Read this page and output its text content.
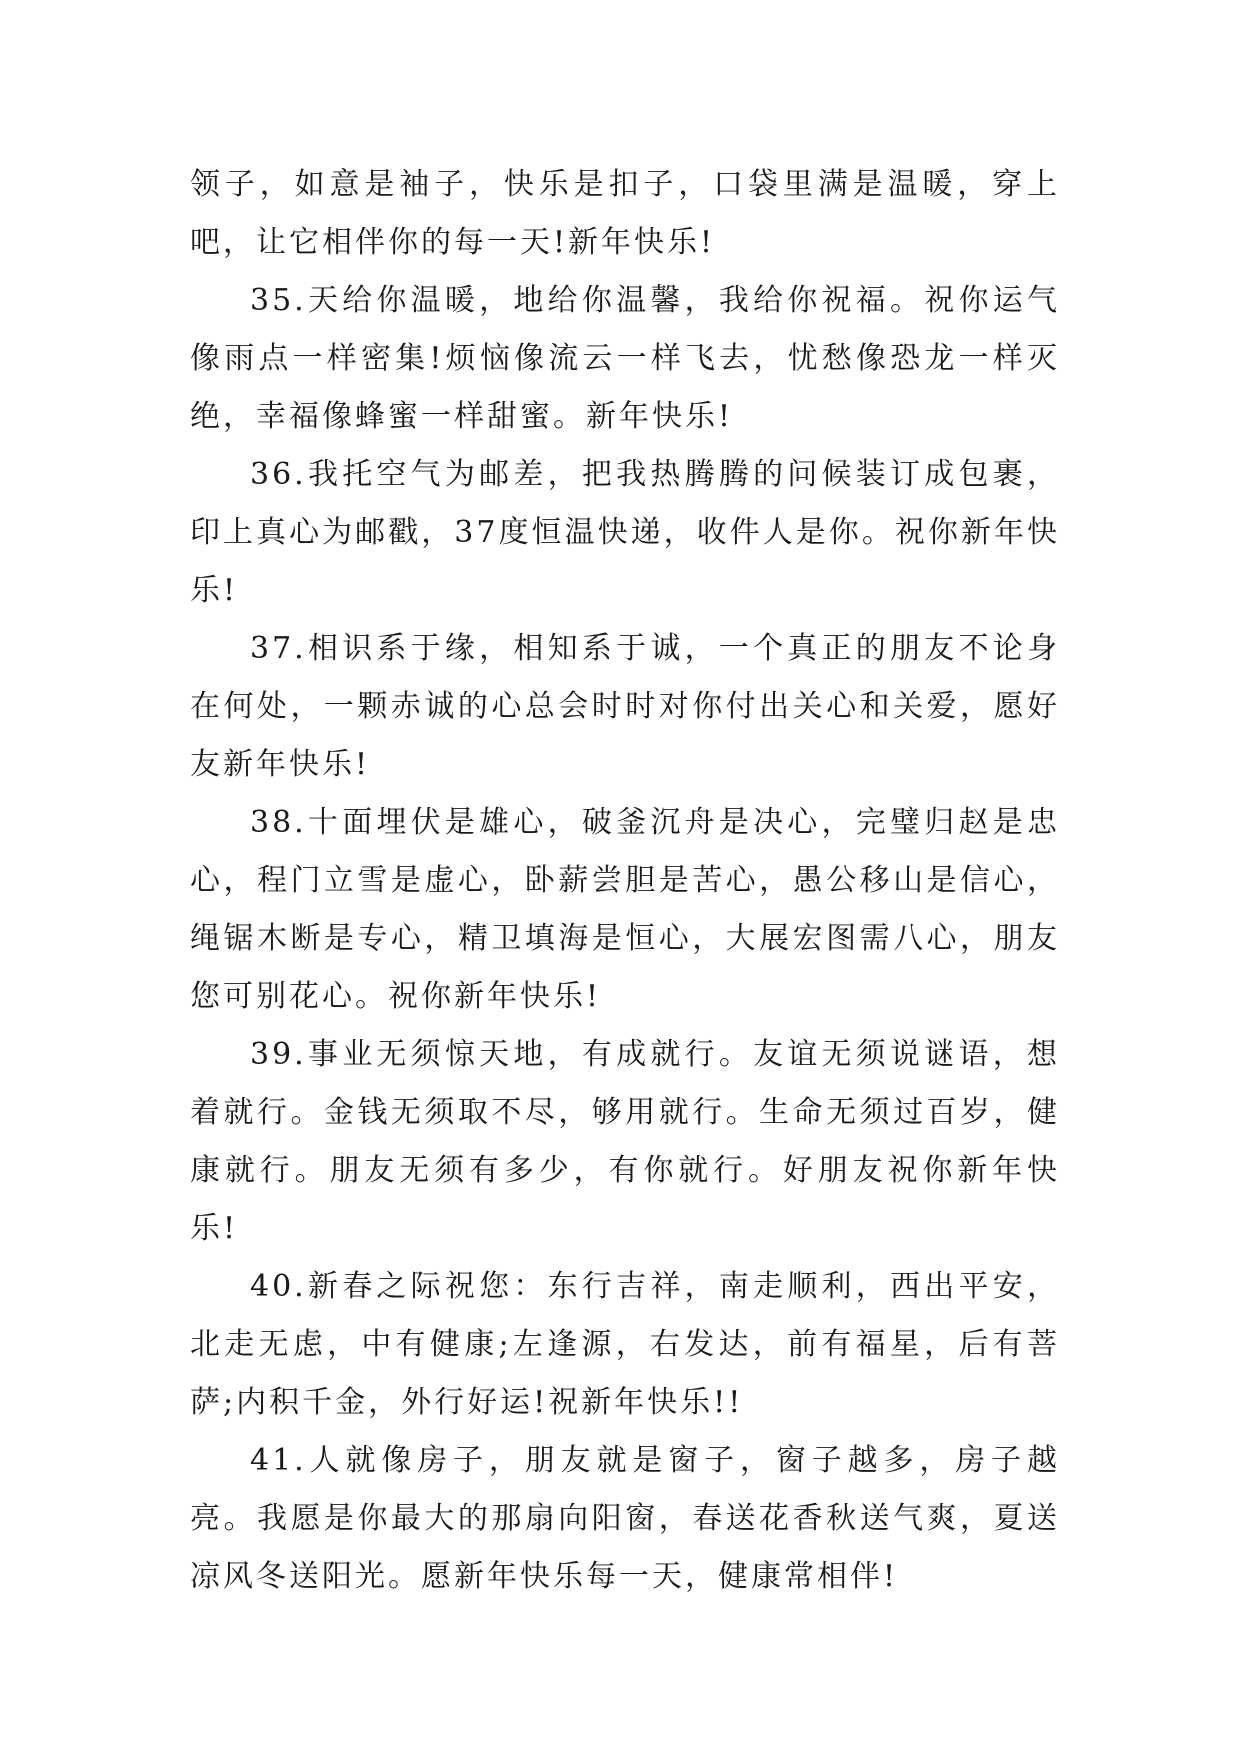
领子，如意是袖子，快乐是扣子，口袋里满是温暖，穿上吧，让它相伴你的每一天!新年快乐!

35.天给你温暖，地给你温馨，我给你祝福。祝你运气像雨点一样密集!烦恼像流云一样飞去，忧愁像恐龙一样灭绝，幸福像蜂蜜一样甜蜜。新年快乐!

36.我托空气为邮差，把我热腾腾的问候装订成包裹，印上真心为邮戳，37度恒温快递，收件人是你。祝你新年快乐!

37.相识系于缘，相知系于诚，一个真正的朋友不论身在何处，一颗赤诚的心总会时时对你付出关心和关爱，愿好友新年快乐!

38.十面埋伏是雄心，破釜沉舟是决心，完璧归赵是忠心，程门立雪是虚心，卧薪尝胆是苦心，愚公移山是信心，绳锯木断是专心，精卫填海是恒心，大展宏图需八心，朋友您可别花心。祝你新年快乐!

39.事业无须惊天地，有成就行。友谊无须说谜语，想着就行。金钱无须取不尽，够用就行。生命无须过百岁，健康就行。朋友无须有多少，有你就行。好朋友祝你新年快乐!

40.新春之际祝您：东行吉祥，南走顺利，西出平安，北走无虑，中有健康;左逢源，右发达，前有福星，后有菩萨;内积千金，外行好运!祝新年快乐!!

41.人就像房子，朋友就是窗子，窗子越多，房子越亮。我愿是你最大的那扇向阳窗，春送花香秋送气爽，夏送凉风冬送阳光。愿新年快乐每一天，健康常相伴!
